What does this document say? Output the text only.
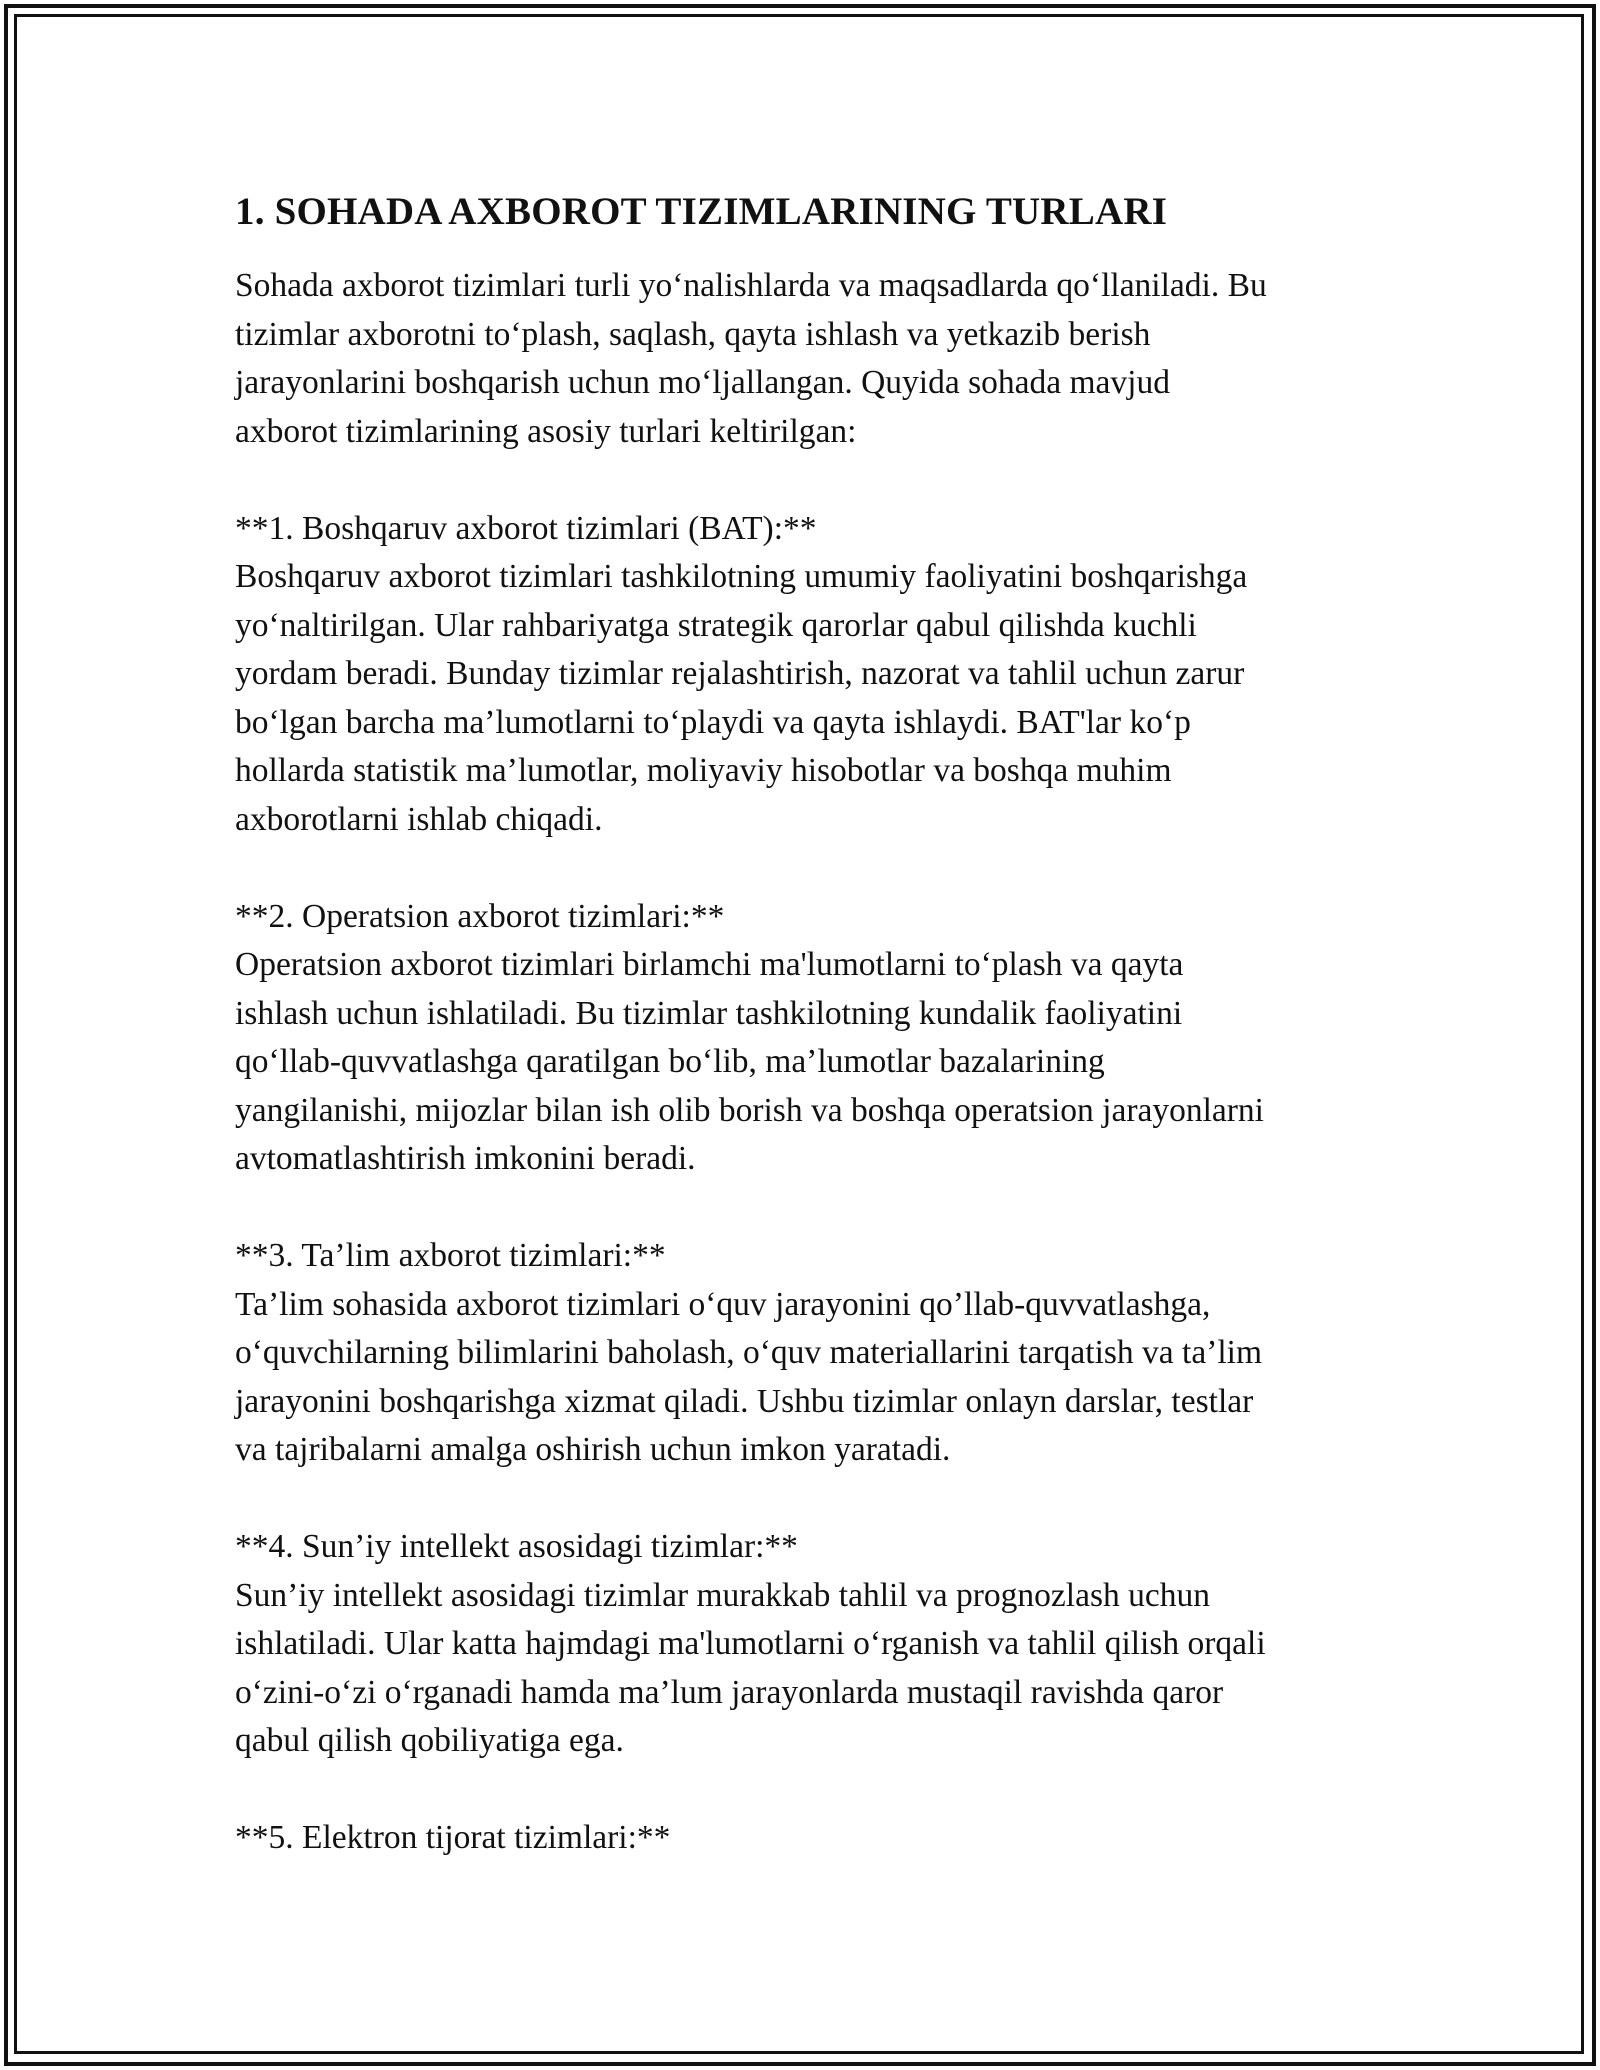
1. SOHADA AXBOROT TIZIMLARINING TURLARI

Sohada axborot tizimlari turli yo‘nalishlarda va maqsadlarda qo‘llaniladi. Bu
tizimlar axborotni to‘plash, saqlash, qayta ishlash va yetkazib berish
jarayonlarini boshqarish uchun mo‘ljallangan. Quyida sohada mavjud
axborot tizimlarining asosiy turlari keltirilgan:

**1. Boshqaruv axborot tizimlari (BAT):**

Boshqaruv axborot tizimlari tashkilotning umumiy faoliyatini boshqarishga
yo‘naltirilgan. Ular rahbariyatga strategik qarorlar qabul qilishda kuchli
yordam beradi. Bunday tizimlar rejalashtirish, nazorat va tahlil uchun zarur
bo‘lgan barcha ma’lumotlarni to‘playdi va qayta ishlaydi. BAT'lar ko‘p
hollarda statistik ma’lumotlar, moliyaviy hisobotlar va boshqa muhim
axborotlarni ishlab chiqadi.

**2. Operatsion axborot tizimlari:**

Operatsion axborot tizimlari birlamchi ma'lumotlarni to‘plash va qayta
ishlash uchun ishlatiladi. Bu tizimlar tashkilotning kundalik faoliyatini
qo‘llab-quvvatlashga qaratilgan bo‘lib, ma’lumotlar bazalarining
yangilanishi, mijozlar bilan ish olib borish va boshqa operatsion jarayonlarni
avtomatlashtirish imkonini beradi.

**3. Ta’lim axborot tizimlari:**

Ta’lim sohasida axborot tizimlari o‘quv jarayonini qo’llab-quvvatlashga,
o‘quvchilarning bilimlarini baholash, o‘quv materiallarini tarqatish va ta’lim
jarayonini boshqarishga xizmat qiladi. Ushbu tizimlar onlayn darslar, testlar
va tajribalarni amalga oshirish uchun imkon yaratadi.

**4. Sun’iy intellekt asosidagi tizimlar:**

Sun’iy intellekt asosidagi tizimlar murakkab tahlil va prognozlash uchun
ishlatiladi. Ular katta hajmdagi ma'lumotlarni o‘rganish va tahlil qilish orqali
o‘zini-o‘zi o‘rganadi hamda ma’lum jarayonlarda mustaqil ravishda qaror
qabul qilish qobiliyatiga ega.

**5. Elektron tijorat tizimlari:**
